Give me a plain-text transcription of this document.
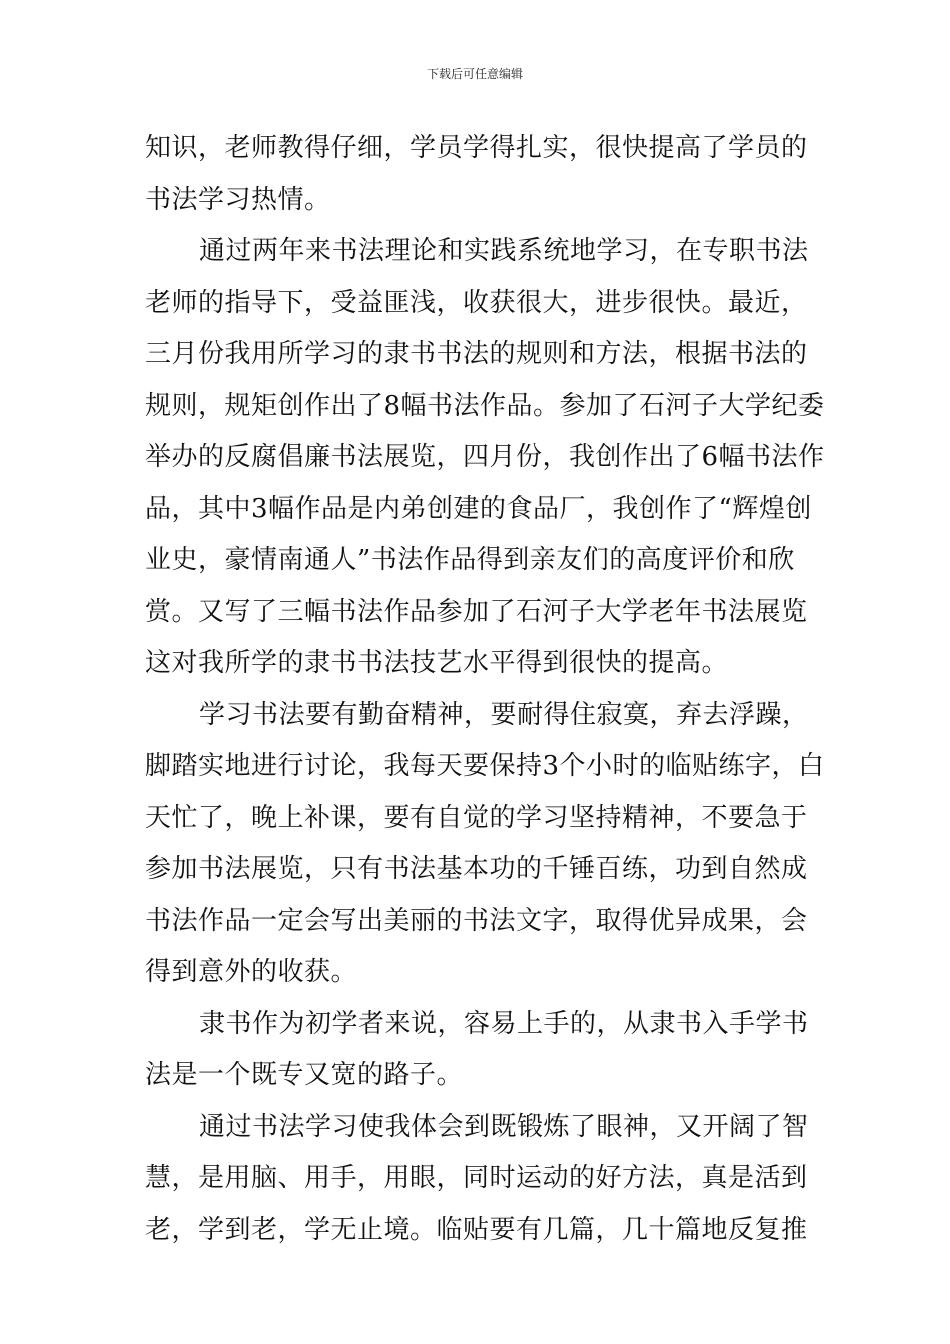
下载后可任意编辑
知识，老师教得仔细，学员学得扎实，很快提高了学员的
书法学习热情。
通过两年来书法理论和实践系统地学习，在专职书法
老师的指导下，受益匪浅，收获很大，进步很快。最近，
三月份我用所学习的隶书书法的规则和方法，根据书法的
规则，规矩创作出了8幅书法作品。参加了石河子大学纪委
举办的反腐倡廉书法展览，四月份，我创作出了6幅书法作
品，其中3幅作品是内弟创建的食品厂，我创作了“辉煌创
业史，豪情南通人”书法作品得到亲友们的高度评价和欣
赏。又写了三幅书法作品参加了石河子大学老年书法展览
这对我所学的隶书书法技艺水平得到很快的提高。
学习书法要有勤奋精神，要耐得住寂寞，弃去浮躁，
脚踏实地进行讨论，我每天要保持3个小时的临贴练字，白
天忙了，晚上补课，要有自觉的学习坚持精神，不要急于
参加书法展览，只有书法基本功的千锤百练，功到自然成
书法作品一定会写出美丽的书法文字，取得优异成果，会
得到意外的收获。
隶书作为初学者来说，容易上手的，从隶书入手学书
法是一个既专又宽的路子。
通过书法学习使我体会到既锻炼了眼神，又开阔了智
慧，是用脑、用手，用眼，同时运动的好方法，真是活到
老，学到老，学无止境。临贴要有几篇，几十篇地反复推
